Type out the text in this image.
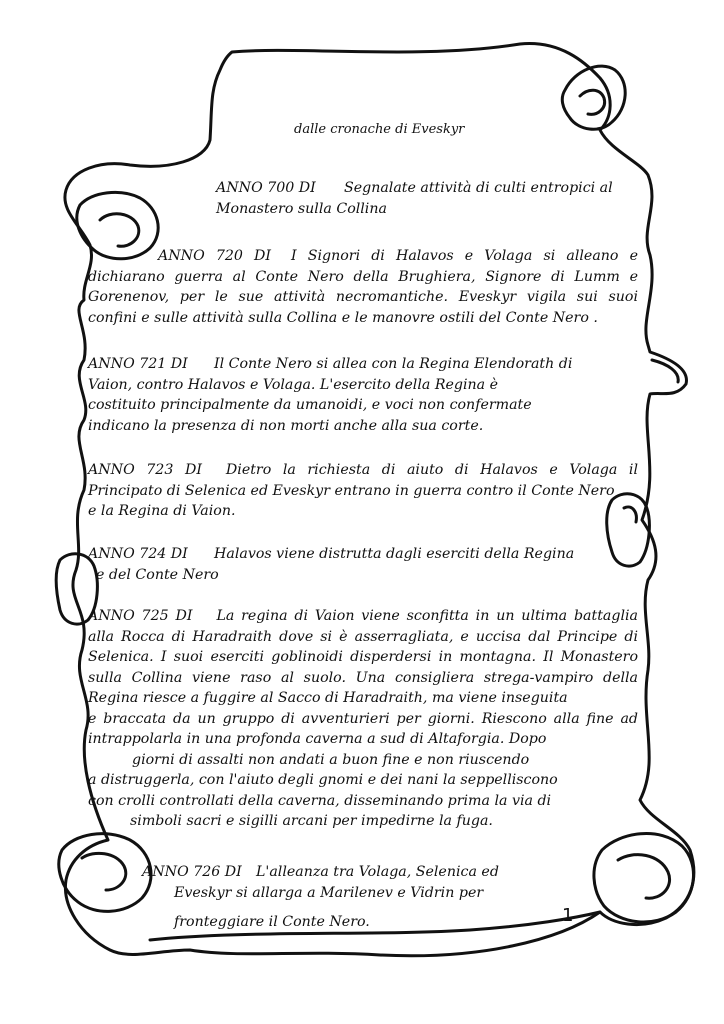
dalle cronache di Eveskyr
ANNO 700 DI Segnalate attività di culti entropici al
Monastero sulla Collina
ANNO 720 DI I Signori di Halavos e Volaga si alleano e
dichiarano guerra al Conte Nero della Brughiera, Signore di Lumm e
Gorenenov, per le sue attività necromantiche. Eveskyr vigila sui suoi
confini e sulle attività sulla Collina e le manovre ostili del Conte Nero .
ANNO 721 DI Il Conte Nero si allea con la Regina Elendorath di
Vaion, contro Halavos e Volaga. L'esercito della Regina è
costituito principalmente da umanoidi, e voci non confermate
indicano la presenza di non morti anche alla sua corte.
ANNO 723 DI Dietro la richiesta di aiuto di Halavos e Volaga il
Principato di Selenica ed Eveskyr entrano in guerra contro il Conte Nero
e la Regina di Vaion.
ANNO 724 DI Halavos viene distrutta dagli eserciti della Regina
e del Conte Nero
ANNO 725 DI La regina di Vaion viene sconfitta in un ultima battaglia
alla Rocca di Haradraith dove si è asserragliata, e uccisa dal Principe di
Selenica. I suoi eserciti goblinoidi disperdersi in montagna. Il Monastero
sulla Collina viene raso al suolo. Una consigliera strega-vampiro della
Regina riesce a fuggire al Sacco di Haradraith, ma viene inseguita
e braccata da un gruppo di avventurieri per giorni. Riescono alla fine ad
intrappolarla in una profonda caverna a sud di Altaforgia. Dopo
giorni di assalti non andati a buon fine e non riuscendo
a distruggerla, con l'aiuto degli gnomi e dei nani la seppelliscono
con crolli controllati della caverna, disseminando prima la via di
simboli sacri e sigilli arcani per impedirne la fuga.
ANNO 726 DI L'alleanza tra Volaga, Selenica ed
Eveskyr si allarga a Marilenev e Vidrin per
fronteggiare il Conte Nero.	1
